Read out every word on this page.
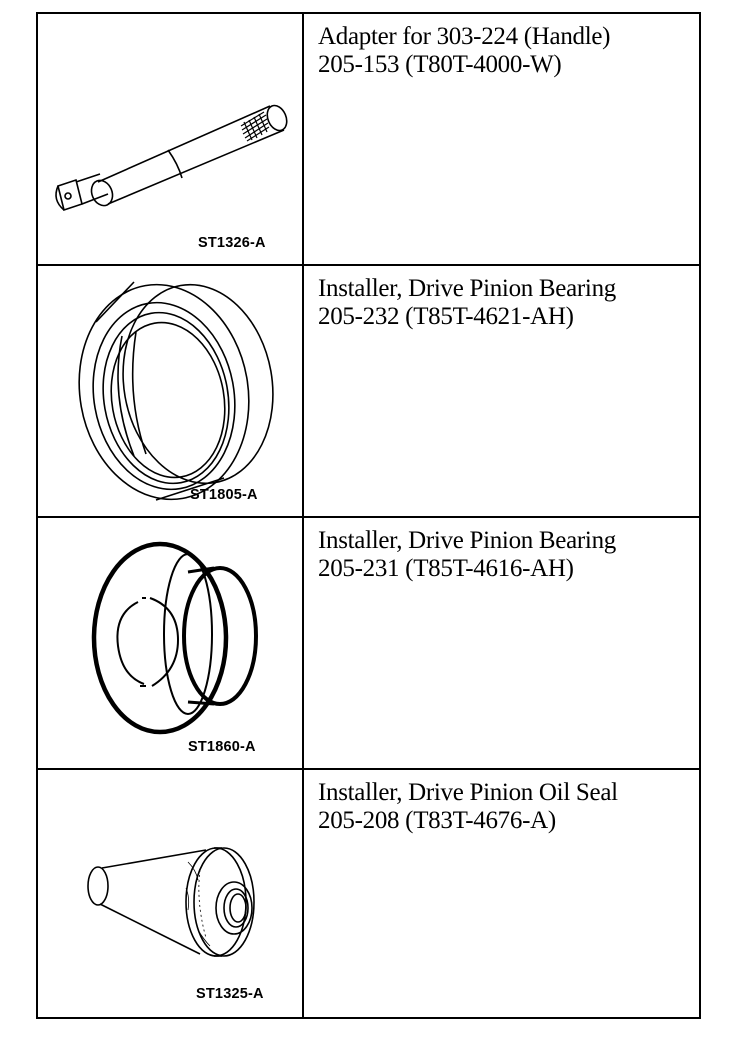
ST1326-A
Adapter for 303-224 (Handle)
205-153 (T80T-4000-W)
ST1805-A
Installer, Drive Pinion Bearing
205-232 (T85T-4621-AH)
ST1860-A
Installer, Drive Pinion Bearing
205-231 (T85T-4616-AH)
ST1325-A
Installer, Drive Pinion Oil Seal
205-208 (T83T-4676-A)
